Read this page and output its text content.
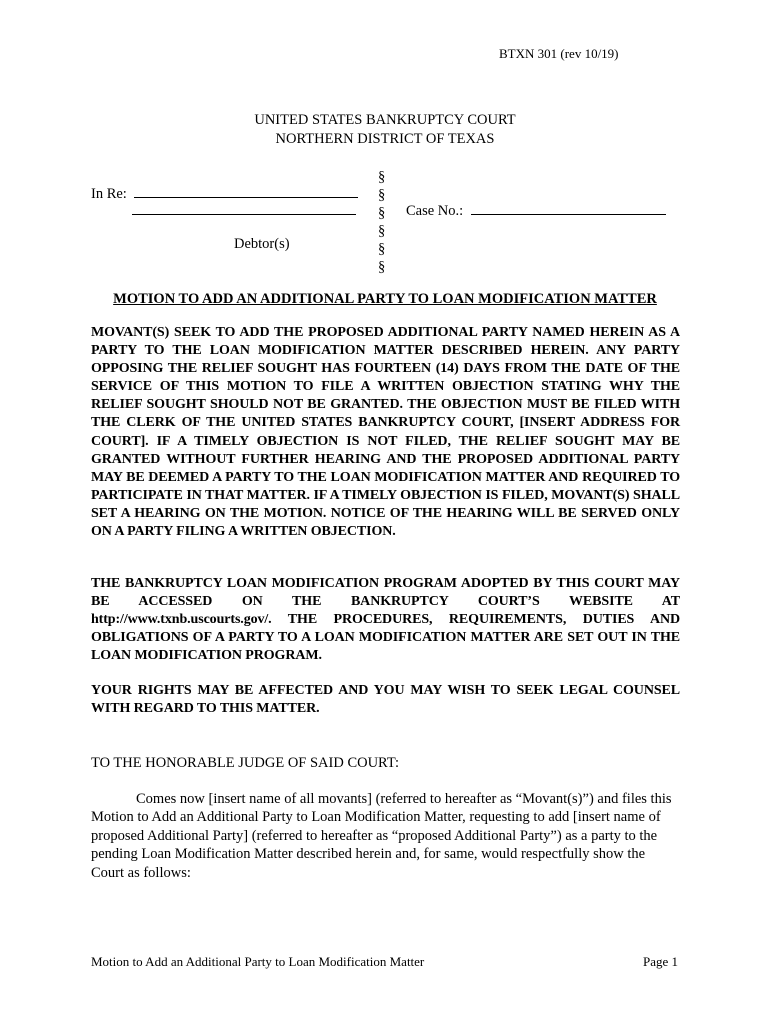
BTXN 301 (rev 10/19)
UNITED STATES BANKRUPTCY COURT
NORTHERN DISTRICT OF TEXAS
In Re:
Debtor(s)
§
§
§
§
§
§
Case No.:
MOTION TO ADD AN ADDITIONAL PARTY TO LOAN MODIFICATION MATTER
MOVANT(S) SEEK TO ADD THE PROPOSED ADDITIONAL PARTY NAMED HEREIN AS A PARTY TO THE LOAN MODIFICATION MATTER DESCRIBED HEREIN. ANY PARTY OPPOSING THE RELIEF SOUGHT HAS FOURTEEN (14) DAYS FROM THE DATE OF THE SERVICE OF THIS MOTION TO FILE A WRITTEN OBJECTION STATING WHY THE RELIEF SOUGHT SHOULD NOT BE GRANTED. THE OBJECTION MUST BE FILED WITH THE CLERK OF THE UNITED STATES BANKRUPTCY COURT, [INSERT ADDRESS FOR COURT]. IF A TIMELY OBJECTION IS NOT FILED, THE RELIEF SOUGHT MAY BE GRANTED WITHOUT FURTHER HEARING AND THE PROPOSED ADDITIONAL PARTY MAY BE DEEMED A PARTY TO THE LOAN MODIFICATION MATTER AND REQUIRED TO PARTICIPATE IN THAT MATTER. IF A TIMELY OBJECTION IS FILED, MOVANT(S) SHALL SET A HEARING ON THE MOTION. NOTICE OF THE HEARING WILL BE SERVED ONLY ON A PARTY FILING A WRITTEN OBJECTION.
THE BANKRUPTCY LOAN MODIFICATION PROGRAM ADOPTED BY THIS COURT MAY BE ACCESSED ON THE BANKRUPTCY COURT’S WEBSITE AT http://www.txnb.uscourts.gov/. THE PROCEDURES, REQUIREMENTS, DUTIES AND OBLIGATIONS OF A PARTY TO A LOAN MODIFICATION MATTER ARE SET OUT IN THE LOAN MODIFICATION PROGRAM.
YOUR RIGHTS MAY BE AFFECTED AND YOU MAY WISH TO SEEK LEGAL COUNSEL WITH REGARD TO THIS MATTER.
TO THE HONORABLE JUDGE OF SAID COURT:
Comes now [insert name of all movants] (referred to hereafter as “Movant(s)”) and files this Motion to Add an Additional Party to Loan Modification Matter, requesting to add [insert name of proposed Additional Party] (referred to hereafter as “proposed Additional Party”) as a party to the pending Loan Modification Matter described herein and, for same, would respectfully show the Court as follows:
Motion to Add an Additional Party to Loan Modification Matter	Page 1
